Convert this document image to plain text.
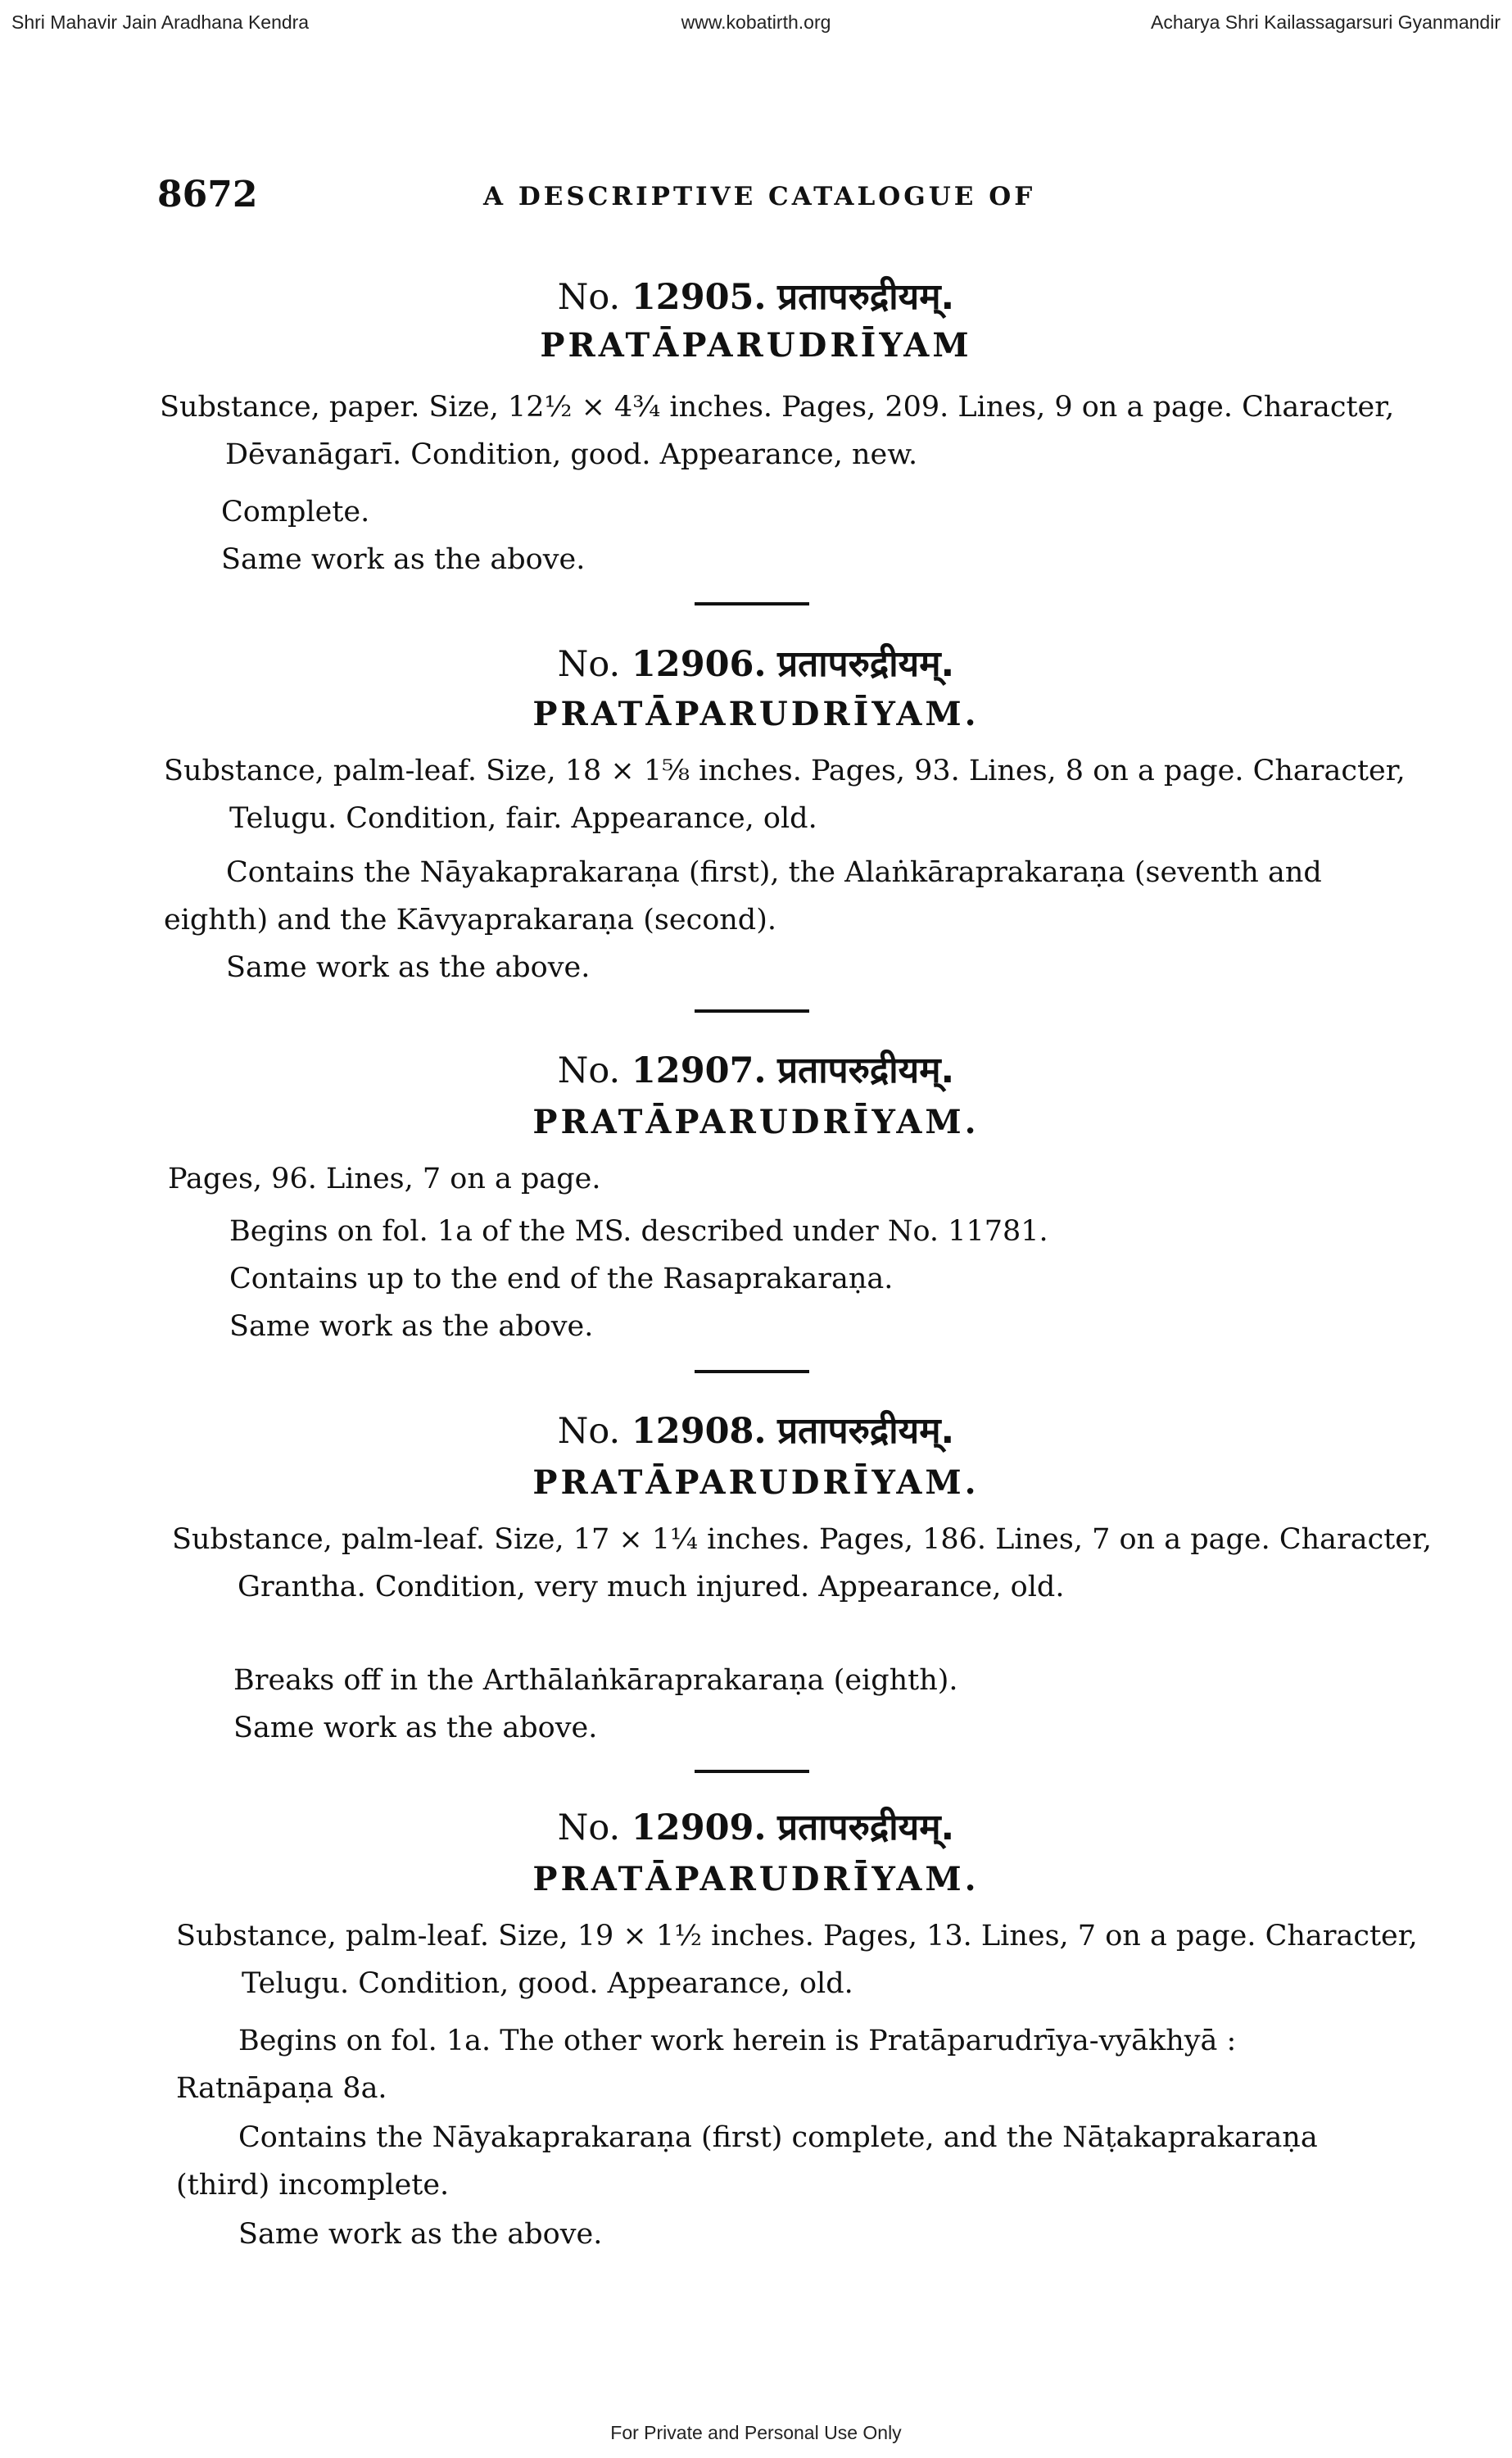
Shri Mahavir Jain Aradhana Kendra	www.kobatirth.org	Acharya Shri Kailassagarsuri Gyanmandir
8672	A DESCRIPTIVE CATALOGUE OF
No. 12905. प्रतापरुद्रीयम्.
PRATĀPARUDRĪYAM

Substance, paper. Size, 12½ × 4¾ inches. Pages, 209. Lines, 9 on a page. Character, Dēvanāgarī. Condition, good. Appearance, new.

Complete.

Same work as the above.

No. 12906. प्रतापरुद्रीयम्.
PRATĀPARUDRĪYAM.

Substance, palm-leaf. Size, 18 × 1⅝ inches. Pages, 93. Lines, 8 on a page. Character, Telugu. Condition, fair. Appearance, old.

Contains the Nāyakaprakaraṇa (first), the Alaṅkāraprakaraṇa (seventh and eighth) and the Kāvyaprakaraṇa (second).

Same work as the above.

No. 12907. प्रतापरुद्रीयम्.
PRATĀPARUDRĪYAM.

Pages, 96. Lines, 7 on a page.

Begins on fol. 1a of the MS. described under No. 11781.

Contains up to the end of the Rasaprakaraṇa.

Same work as the above.

No. 12908. प्रतापरुद्रीयम्.
PRATĀPARUDRĪYAM.

Substance, palm-leaf. Size, 17 × 1¼ inches. Pages, 186. Lines, 7 on a page. Character, Grantha. Condition, very much injured. Appearance, old.

Breaks off in the Arthālaṅkāraprakaraṇa (eighth).

Same work as the above.

No. 12909. प्रतापरुद्रीयम्.
PRATĀPARUDRĪYAM.

Substance, palm-leaf. Size, 19 × 1½ inches. Pages, 13. Lines, 7 on a page. Character, Telugu. Condition, good. Appearance, old.

Begins on fol. 1a. The other work herein is Pratāparudrīya-vyākhyā : Ratnāpaṇa 8a.

Contains the Nāyakaprakaraṇa (first) complete, and the Nāṭakaprakaraṇa (third) incomplete.

Same work as the above.

For Private and Personal Use Only
